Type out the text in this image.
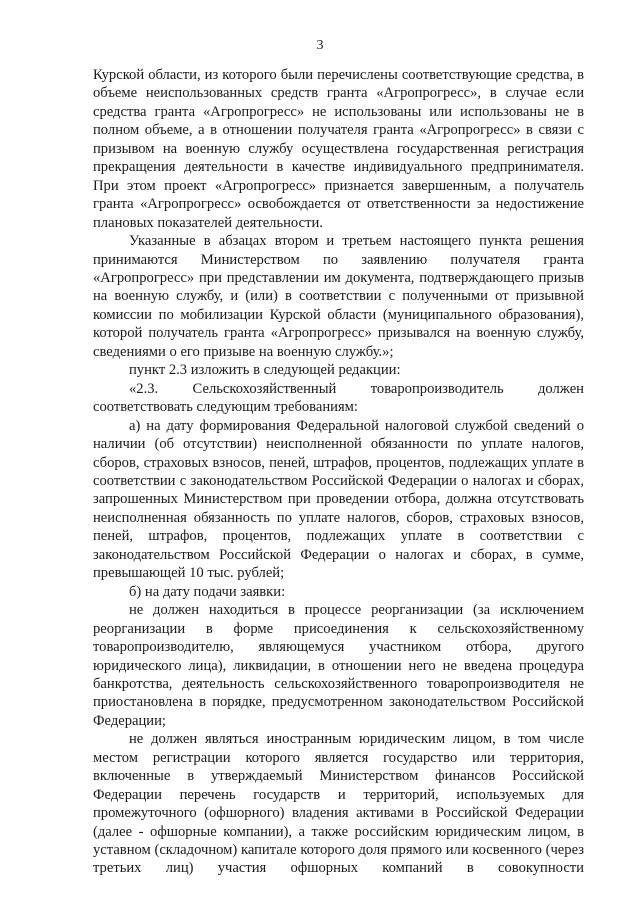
3

Курской области, из которого были перечислены соответствующие средства, в объеме неиспользованных средств гранта «Агропрогресс», в случае если средства гранта «Агропрогресс» не использованы или использованы не в полном объеме, а в отношении получателя гранта «Агропрогресс» в связи с призывом на военную службу осуществлена государственная регистрация прекращения деятельности в качестве индивидуального предпринимателя. При этом проект «Агропрогресс» признается завершенным, а получатель гранта «Агропрогресс» освобождается от ответственности за недостижение плановых показателей деятельности.

Указанные в абзацах втором и третьем настоящего пункта решения принимаются Министерством по заявлению получателя гранта «Агропрогресс» при представлении им документа, подтверждающего призыв на военную службу, и (или) в соответствии с полученными от призывной комиссии по мобилизации Курской области (муниципального образования), которой получатель гранта «Агропрогресс» призывался на военную службу, сведениями о его призыве на военную службу.»;

пункт 2.3 изложить в следующей редакции:

«2.3. Сельскохозяйственный товаропроизводитель должен соответствовать следующим требованиям:

а) на дату формирования Федеральной налоговой службой сведений о наличии (об отсутствии) неисполненной обязанности по уплате налогов, сборов, страховых взносов, пеней, штрафов, процентов, подлежащих уплате в соответствии с законодательством Российской Федерации о налогах и сборах, запрошенных Министерством при проведении отбора, должна отсутствовать неисполненная обязанность по уплате налогов, сборов, страховых взносов, пеней, штрафов, процентов, подлежащих уплате в соответствии с законодательством Российской Федерации о налогах и сборах, в сумме, превышающей 10 тыс. рублей;

б) на дату подачи заявки:

не должен находиться в процессе реорганизации (за исключением реорганизации в форме присоединения к сельскохозяйственному товаропроизводителю, являющемуся участником отбора, другого юридического лица), ликвидации, в отношении него не введена процедура банкротства, деятельность сельскохозяйственного товаропроизводителя не приостановлена в порядке, предусмотренном законодательством Российской Федерации;

не должен являться иностранным юридическим лицом, в том числе местом регистрации которого является государство или территория, включенные в утверждаемый Министерством финансов Российской Федерации перечень государств и территорий, используемых для промежуточного (офшорного) владения активами в Российской Федерации (далее - офшорные компании), а также российским юридическим лицом, в уставном (складочном) капитале которого доля прямого или косвенного (через третьих лиц) участия офшорных компаний в совокупности
